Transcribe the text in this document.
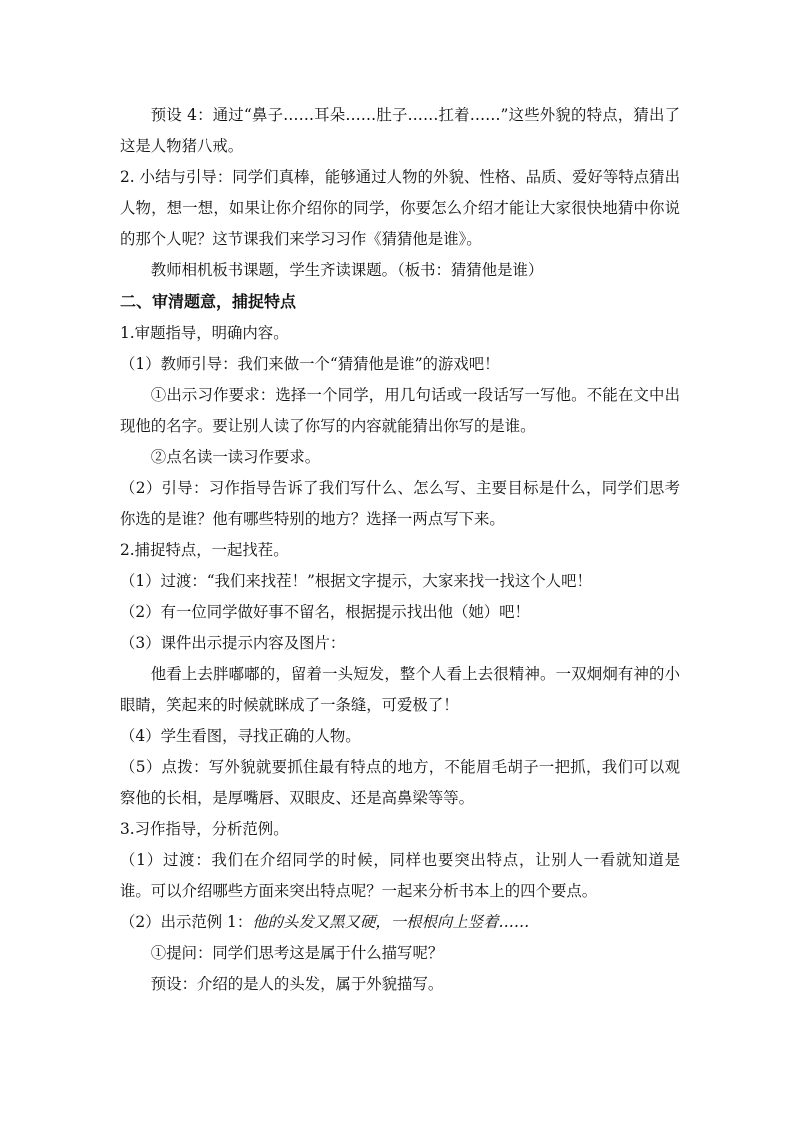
预设 4：通过“鼻子……耳朵……肚子……扛着……”这些外貌的特点，猜出了这是人物猪八戒。

2. 小结与引导：同学们真棒，能够通过人物的外貌、性格、品质、爱好等特点猜出人物，想一想，如果让你介绍你的同学，你要怎么介绍才能让大家很快地猜中你说的那个人呢？这节课我们来学习习作《猜猜他是谁》。

教师相机板书课题，学生齐读课题。（板书：猜猜他是谁）

二、审清题意，捕捉特点

1.审题指导，明确内容。

（1）教师引导：我们来做一个“猜猜他是谁”的游戏吧！

①出示习作要求：选择一个同学，用几句话或一段话写一写他。不能在文中出现他的名字。要让别人读了你写的内容就能猜出你写的是谁。

②点名读一读习作要求。

（2）引导：习作指导告诉了我们写什么、怎么写、主要目标是什么，同学们思考你选的是谁？他有哪些特别的地方？选择一两点写下来。

2.捕捉特点，一起找茬。

（1）过渡：“我们来找茬！”根据文字提示，大家来找一找这个人吧！

（2）有一位同学做好事不留名，根据提示找出他（她）吧！

（3）课件出示提示内容及图片：

他看上去胖嘟嘟的，留着一头短发，整个人看上去很精神。一双炯炯有神的小眼睛，笑起来的时候就眯成了一条缝，可爱极了！

（4）学生看图，寻找正确的人物。

（5）点拨：写外貌就要抓住最有特点的地方，不能眉毛胡子一把抓，我们可以观察他的长相，是厚嘴唇、双眼皮、还是高鼻梁等等。

3.习作指导，分析范例。

（1）过渡：我们在介绍同学的时候，同样也要突出特点，让别人一看就知道是谁。可以介绍哪些方面来突出特点呢？一起来分析书本上的四个要点。

（2）出示范例 1：他的头发又黑又硬，一根根向上竖着……

①提问：同学们思考这是属于什么描写呢？

预设：介绍的是人的头发，属于外貌描写。
